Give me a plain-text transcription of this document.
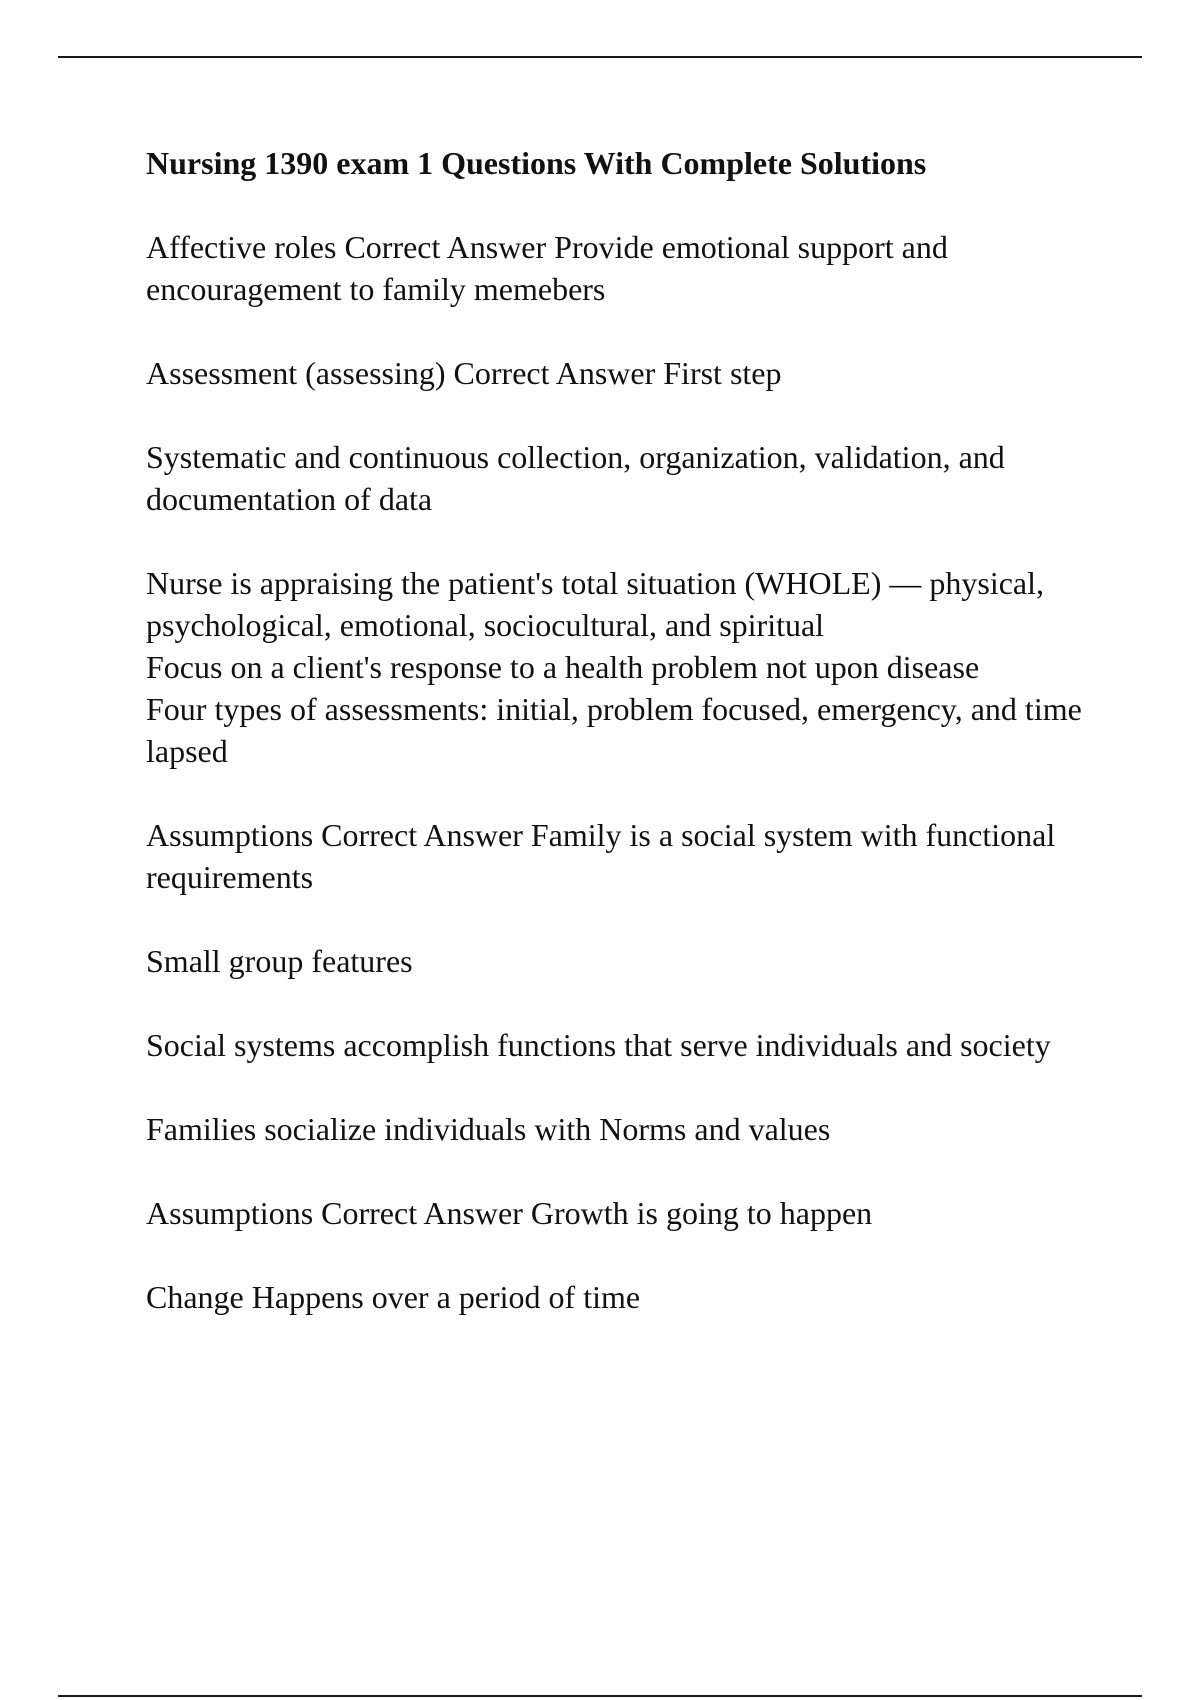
Nursing 1390 exam 1 Questions With Complete Solutions
Affective roles Correct Answer Provide emotional support and encouragement to family memebers
Assessment (assessing) Correct Answer First step
Systematic and continuous collection, organization, validation, and documentation of data
Nurse is appraising the patient's total situation (WHOLE) — physical, psychological, emotional, sociocultural, and spiritual
Focus on a client's response to a health problem not upon disease
Four types of assessments: initial, problem focused, emergency, and time lapsed
Assumptions Correct Answer Family is a social system with functional requirements
Small group features
Social systems accomplish functions that serve individuals and society
Families socialize individuals with Norms and values
Assumptions Correct Answer Growth is going to happen
Change Happens over a period of time
